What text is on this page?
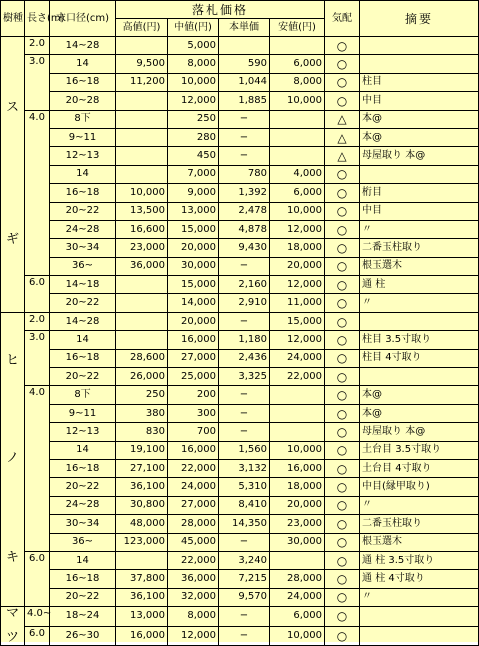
樹種	長さ(m)	末口径(cm)	落札価格				気配	摘要
			高値(円)	中値(円)	本単価	安値(円)		

ス
ギ	2.0	14~28		5,000			○	
	3.0	14	9,500	8,000	590	6,000	○	
		16~18	11,200	10,000	1,044	8,000	○	柱目
		20~28		12,000	1,885	10,000	○	中目
	4.0	8下		250	−		△	本@
		9~11		280	−		△	本@
		12~13		450	−		△	母屋取り 本@
		14		7,000	780	4,000	○	
		16~18	10,000	9,000	1,392	6,000	○	桁目
		20~22	13,500	13,000	2,478	10,000	○	中目
		24~28	16,600	15,000	4,878	12,000	○	〃
		30~34	23,000	20,000	9,430	18,000	○	二番玉柱取り
		36~	36,000	30,000	−	20,000	○	根玉選木
	6.0	14~18		15,000	2,160	12,000	○	通 柱
		20~22		14,000	2,910	11,000	○	〃

ヒ
ノ
キ	2.0	14~28		20,000	−	15,000	○	
	3.0	14		16,000	1,180	12,000	○	柱目 3.5寸取り
		16~18	28,600	27,000	2,436	24,000	○	柱目 4寸取り
		20~22	26,000	25,000	3,325	22,000	○	
	4.0	8下	250	200	−		○	本@
		9~11	380	300	−		○	本@
		12~13	830	700	−		○	母屋取り 本@
		14	19,100	16,000	1,560	10,000	○	土台目 3.5寸取り
		16~18	27,100	22,000	3,132	16,000	○	土台目 4寸取り
		20~22	36,100	24,000	5,310	18,000	○	中目(縁甲取り)
		24~28	30,800	27,000	8,410	20,000	○	〃
		30~34	48,000	28,000	14,350	23,000	○	二番玉柱取り
		36~	123,000	45,000	−	30,000	○	根玉選木
	6.0	14		22,000	3,240		○	通 柱 3.5寸取り
		16~18	37,800	36,000	7,215	28,000	○	通 柱 4寸取り
		20~22	36,100	32,000	9,570	24,000	○	〃

マ
ツ	4.0~	18~24	13,000	8,000	−	6,000	○	
	6.0	26~30	16,000	12,000	−	10,000	○	
